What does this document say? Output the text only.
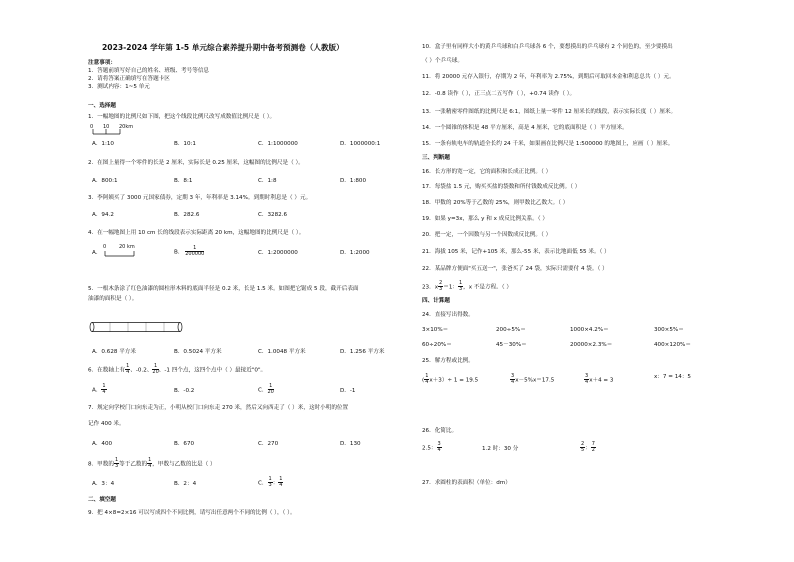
2023-2024 学年第 1-5 单元综合素养提升期中备考预测卷（人教版）
注意事项：
1．答题前填写好自己的姓名、班级、考号等信息
2．请将答案正确填写在答题卡区
3．测试内容：1~5 单元
一、选择题
1．一幅地图的比例尺如下图，把这个线段比例尺改写成数值比例尺是（ ）。
0 10 20km
A．1:10	B．10:1	C．1:1000000	D．1000000:1
2．在图上量得一个零件的长是 2 厘米，实际长是 0.25 厘米，这幅图的比例尺是（ ）。
A．800:1	B．8:1	C．1:8	D．1:800
3．李阿姨买了 3000 元国家债券，定期 3 年，年利率是 3.14%。到期时利息是（ ）元。
A．94.2	B．282.6	C．3282.6
4．在一幅地图上用 10 cm 长的线段表示实际距离 20 km，这幅地图的比例尺是（ ）。
A．
0	20 km
B． $\frac{1}{200000}$	C．1:2000000	D．1:2000
5．一根木条涂了红色油漆的圆柱形木料的底面半径是 0.2 米，长是 1.5 米。如图把它锯成 5 段，截开后表面
油漆的面积是（ ）。
A．0.628 平方米	B．0.5024 平方米	C．1.0048 平方米	D．1.256 平方米
6．在数轴上有 $\frac{1}{4}$ 、-0.2、 $\frac{1}{20}$ 、-1 四个点，这四个点中（ ）最接近"0"。
A． $\frac{1}{4}$	B．-0.2	C． $\frac{1}{20}$	D．-1
7．规定向学校门口向东走为正，小明从校门口向东走 270 米，然后又向西走了（ ）米，这时小明的位置
记作 400 米。
A．400	B．670	C．270	D．130
8．甲数的 $\frac{1}{3}$ 等于乙数的 $\frac{1}{4}$ ，甲数与乙数的比是（ ）
A．3：4	B．2：4	C． $\frac{1}{3}$ ： $\frac{1}{4}$
二、填空题
9．把 4×8=2×16 可以写成四个不同比例，请写出任意两个不同的比例（ ），（ ）。
10．盒子里有同样大小的黄乒乓球和白乒乓球各 6 个，要想摸出的乒乓球有 2 个同色的，至少要摸出
（ ）个乒乓球。
11．将 20000 元存入银行，存期为 2 年，年利率为 2.75%，到期后可取回本金和利息总共（ ）元。
12．-0.8 读作（ ），正三点二五写作（ ），+0.74 读作（ ）。
13．一张精密零件图纸的比例尺是 6:1，图纸上量一零件 12 厘米长的线段，表示实际长度（ ）厘米。
14．一个圆锥的体积是 48 平方厘米，高是 4 厘米，它的底面积是（ ）平方厘米。
15．一条有轨电车的轨道全长约 24 千米，如果画在比例尺是 1:500000 的地图上，应画（ ）厘米。
三、判断题
16．长方形的宽一定，它的面积和长成正比例。（ ）
17．每袋盐 1.5 元，购买买盐的袋数和所付钱数成反比例。（ ）
18．甲数的 20%等于乙数的 25%，则甲数比乙数大。（ ）
19．如果 y=3x，那么 y 和 x 成反比例关系。（ ）
20．把一定，一个因数与另一个因数成反比例。（ ）
21．海拔 105 米，记作+105 米，那么-55 米，表示比地面低 55 米。（ ）
22．某品牌方便面"买五送一"，张爸买了 24 袋，实际只需要付 4 袋。（ ）
23．x $\frac{2}{3} =1$： $\frac{1}{3}$ ，x 不是方程。（ ）
四、计算题
24．直接写出得数。
3×10%＝	200÷5%＝	1000×4.2%＝	300×5%＝
60÷20%＝	45－30%＝	20000×2.3%＝	400×120%＝
25．解方程或比例。
( $\frac{1}{4} x+3)\div 1 = 19.5$	$\frac{3}{4} x-5\%x=17.5$	$\frac{3}{4} x+4 = 3$
x：7 = 14：5
26．化简比。
2.5： $\frac{3}{4}$	1.2 时：30 分	$\frac{2}{5}$ ： $\frac{7}{2}$
27．求圆柱的表面积（单位：dm）
